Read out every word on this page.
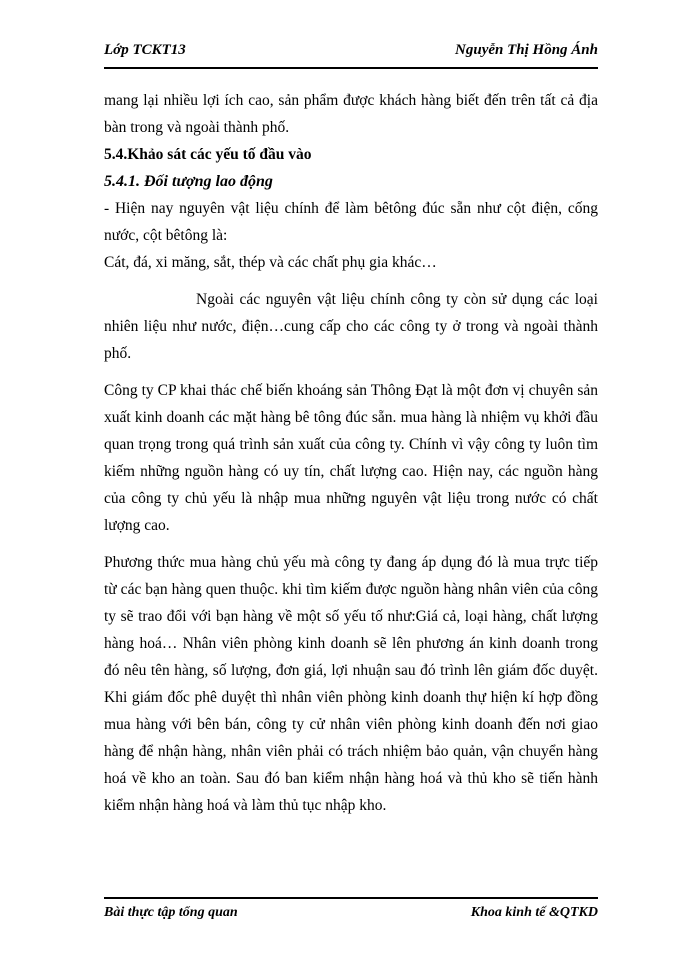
Lớp TCKT13	Nguyễn Thị Hồng Ánh

mang lại nhiều lợi ích cao, sản phẩm được khách hàng biết đến trên tất cả địa bàn trong và ngoài thành phố.

5.4.Khảo sát các yếu tố đầu vào

5.4.1. Đối tượng lao động

- Hiện nay nguyên vật liệu chính để làm bêtông đúc sẵn như cột điện, cống nước, cột bêtông là:

Cát, đá, xi măng, sắt, thép và các chất phụ gia khác…

Ngoài các nguyên vật liệu chính công ty còn sử dụng các loại nhiên liệu như nước, điện…cung cấp cho các công ty ở trong và ngoài thành phố.

Công ty CP khai thác chế biến khoáng sản Thông Đạt là một đơn vị chuyên sản xuất kinh doanh các mặt hàng bê tông đúc sẵn. mua hàng là nhiệm vụ khởi đầu quan trọng trong quá trình sản xuất của công ty. Chính vì vậy công ty luôn tìm kiếm những nguồn hàng có uy tín, chất lượng cao. Hiện nay, các nguồn hàng của công ty chủ yếu là nhập mua những nguyên vật liệu trong nước có chất lượng cao.

Phương thức mua hàng chủ yếu mà công ty đang áp dụng đó là mua trực tiếp từ các bạn hàng quen thuộc. khi tìm kiếm được nguồn hàng nhân viên của công ty sẽ trao đổi với bạn hàng về một số yếu tố như:Giá cả, loại hàng, chất lượng hàng hoá… Nhân viên phòng kinh doanh sẽ lên phương án kinh doanh trong đó nêu tên hàng, số lượng, đơn giá, lợi nhuận sau đó trình lên giám đốc duyệt. Khi giám đốc phê duyệt thì nhân viên phòng kinh doanh thự hiện kí hợp đồng mua hàng với bên bán, công ty cử nhân viên phòng kinh doanh đến nơi giao hàng để nhận hàng, nhân viên phải có trách nhiệm bảo quản, vận chuyển hàng hoá về kho an toàn. Sau đó ban kiểm nhận hàng hoá và thủ kho sẽ tiến hành kiểm nhận hàng hoá và làm thủ tục nhập kho.

Bài thực tập tổng quan	Khoa kinh tế &QTKD
